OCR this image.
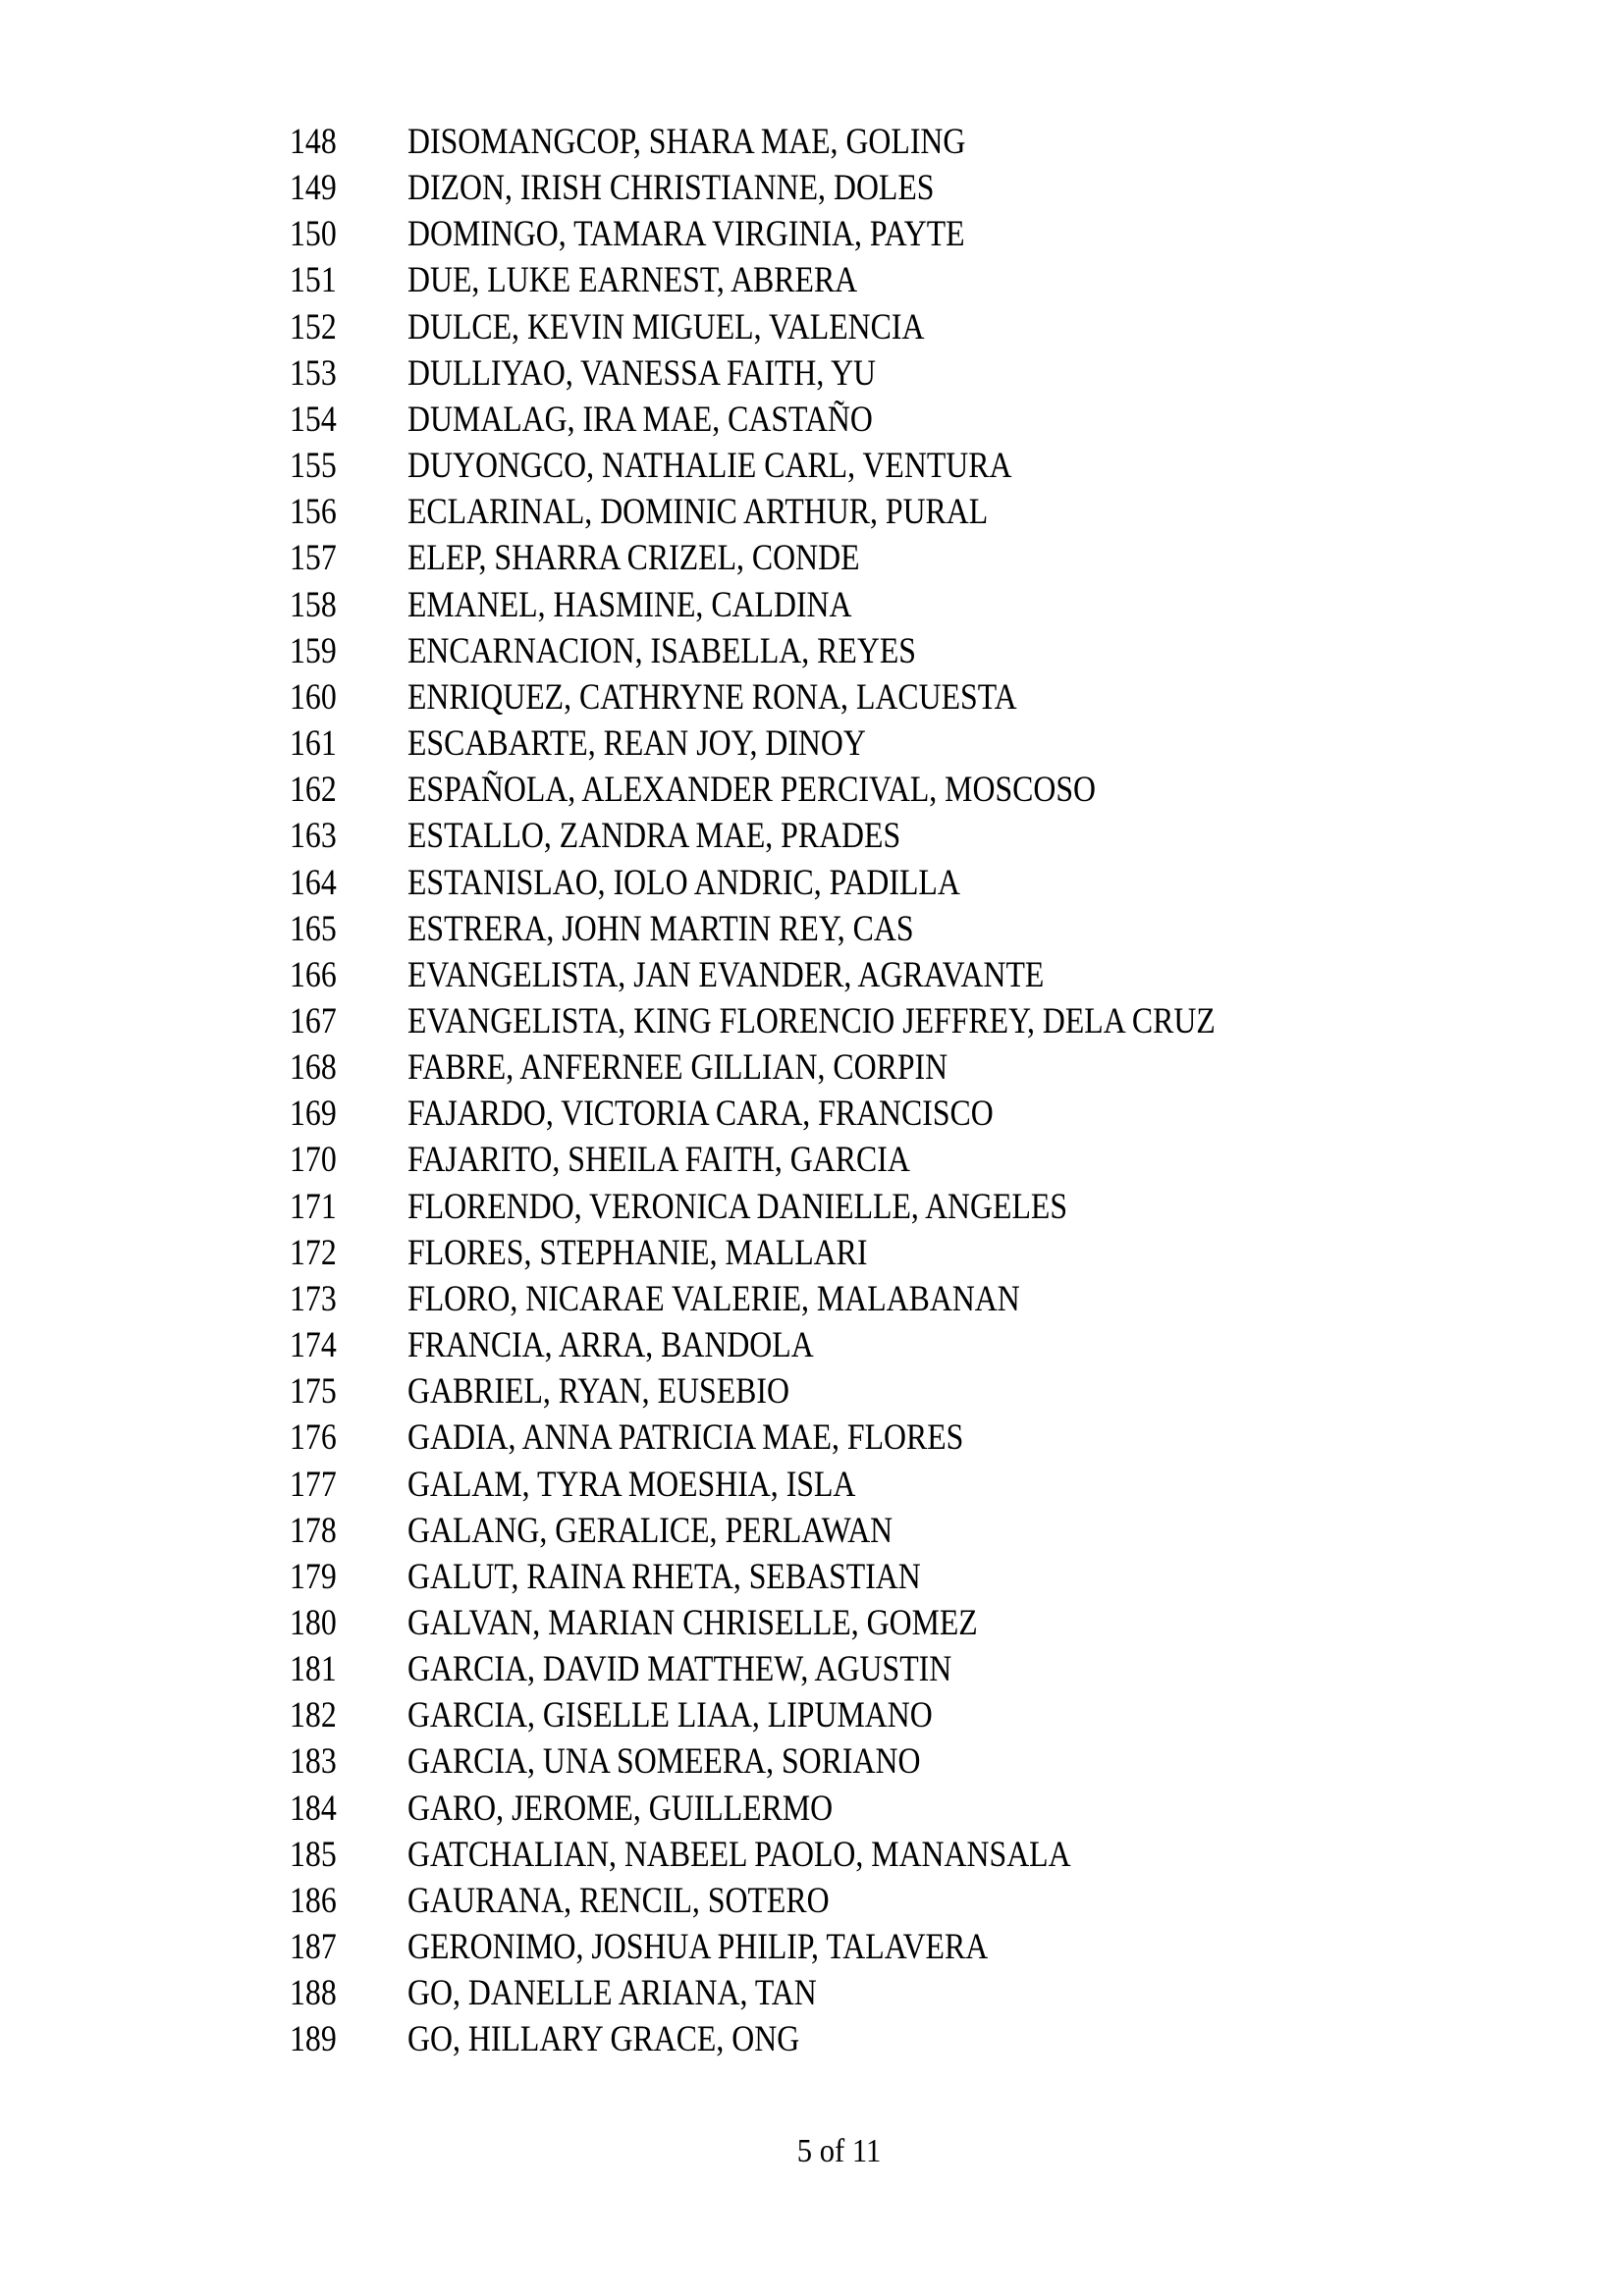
148	DISOMANGCOP, SHARA MAE, GOLING
149	DIZON, IRISH CHRISTIANNE, DOLES
150	DOMINGO, TAMARA VIRGINIA, PAYTE
151	DUE, LUKE EARNEST, ABRERA
152	DULCE, KEVIN MIGUEL, VALENCIA
153	DULLIYAO, VANESSA FAITH, YU
154	DUMALAG, IRA MAE, CASTAÑO
155	DUYONGCO, NATHALIE CARL, VENTURA
156	ECLARINAL, DOMINIC ARTHUR, PURAL
157	ELEP, SHARRA CRIZEL, CONDE
158	EMANEL, HASMINE, CALDINA
159	ENCARNACION, ISABELLA, REYES
160	ENRIQUEZ, CATHRYNE RONA, LACUESTA
161	ESCABARTE, REAN JOY, DINOY
162	ESPAÑOLA, ALEXANDER PERCIVAL, MOSCOSO
163	ESTALLO, ZANDRA MAE, PRADES
164	ESTANISLAO, IOLO ANDRIC, PADILLA
165	ESTRERA, JOHN MARTIN REY, CAS
166	EVANGELISTA, JAN EVANDER, AGRAVANTE
167	EVANGELISTA, KING FLORENCIO JEFFREY, DELA CRUZ
168	FABRE, ANFERNEE GILLIAN, CORPIN
169	FAJARDO, VICTORIA CARA, FRANCISCO
170	FAJARITO, SHEILA FAITH, GARCIA
171	FLORENDO, VERONICA DANIELLE, ANGELES
172	FLORES, STEPHANIE, MALLARI
173	FLORO, NICARAE VALERIE, MALABANAN
174	FRANCIA, ARRA, BANDOLA
175	GABRIEL, RYAN, EUSEBIO
176	GADIA, ANNA PATRICIA MAE, FLORES
177	GALAM, TYRA MOESHIA, ISLA
178	GALANG, GERALICE, PERLAWAN
179	GALUT, RAINA RHETA, SEBASTIAN
180	GALVAN, MARIAN CHRISELLE, GOMEZ
181	GARCIA, DAVID MATTHEW, AGUSTIN
182	GARCIA, GISELLE LIAA, LIPUMANO
183	GARCIA, UNA SOMEERA, SORIANO
184	GARO, JEROME, GUILLERMO
185	GATCHALIAN, NABEEL PAOLO, MANANSALA
186	GAURANA, RENCIL, SOTERO
187	GERONIMO, JOSHUA PHILIP, TALAVERA
188	GO, DANELLE ARIANA, TAN
189	GO, HILLARY GRACE, ONG
5 of 11
